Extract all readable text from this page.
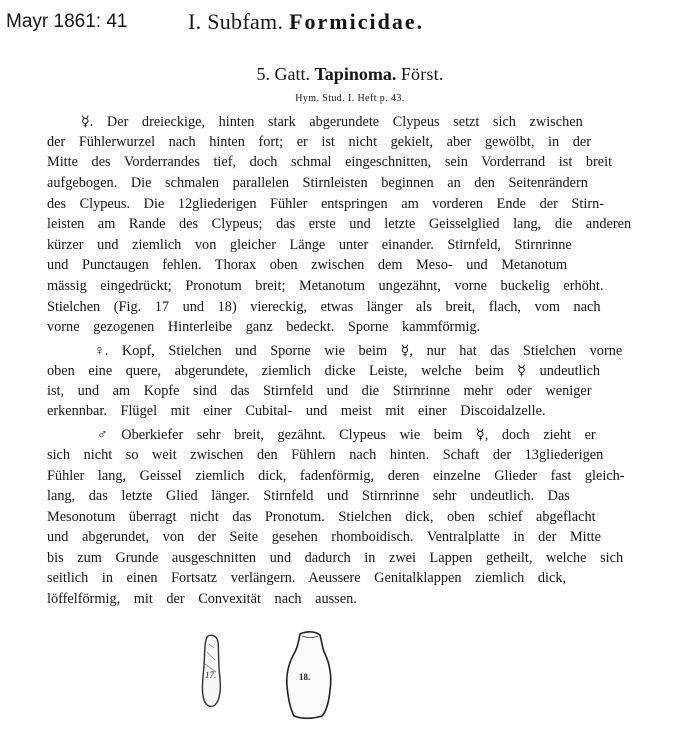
Mayr 1861: 41	I. Subfam. Formicidae.
5. Gatt. Tapinoma. Först.
Hym. Stud. I. Heft p. 43.
☿. Der dreieckige, hinten stark abgerundete Clypeus setzt sich zwischen
der Fühlerwurzel nach hinten fort; er ist nicht gekielt, aber gewölbt, in der
Mitte des Vorderrandes tief, doch schmal eingeschnitten, sein Vorderrand ist breit
aufgebogen. Die schmalen parallelen Stirnleisten beginnen an den Seitenrändern
des Clypeus. Die 12gliederigen Fühler entspringen am vorderen Ende der Stirn-
leisten am Rande des Clypeus; das erste und letzte Geisselglied lang, die anderen
kürzer und ziemlich von gleicher Länge unter einander. Stirnfeld, Stirnrinne
und Punctaugen fehlen. Thorax oben zwischen dem Meso- und Metanotum
mässig eingedrückt; Pronotum breit; Metanotum ungezähnt, vorne buckelig erhöht.
Stielchen (Fig. 17 und 18) viereckig, etwas länger als breit, flach, vom nach
vorne gezogenen Hinterleibe ganz bedeckt. Sporne kammförmig.
♀. Kopf, Stielchen und Sporne wie beim ☿, nur hat das Stielchen vorne
oben eine quere, abgerundete, ziemlich dicke Leiste, welche beim ☿ undeutlich
ist, und am Kopfe sind das Stirnfeld und die Stirnrinne mehr oder weniger
erkennbar. Flügel mit einer Cubital- und meist mit einer Discoidalzelle.
♂ Oberkiefer sehr breit, gezähnt. Clypeus wie beim ☿, doch zieht er
sich nicht so weit zwischen den Fühlern nach hinten. Schaft der 13gliederigen
Fühler lang, Geissel ziemlich dick, fadenförmig, deren einzelne Glieder fast gleich-
lang, das letzte Glied länger. Stirnfeld und Stirnrinne sehr undeutlich. Das
Mesonotum überragt nicht das Pronotum. Stielchen dick, oben schief abgeflacht
und abgerundet, von der Seite gesehen rhomboidisch. Ventralplatte in der Mitte
bis zum Grunde ausgeschnitten und dadurch in zwei Lappen getheilt, welche sich
seitlich in einen Fortsatz verlängern. Aeussere Genitalklappen ziemlich dick,
löffelförmig, mit der Convexität nach aussen.
17.	18.
